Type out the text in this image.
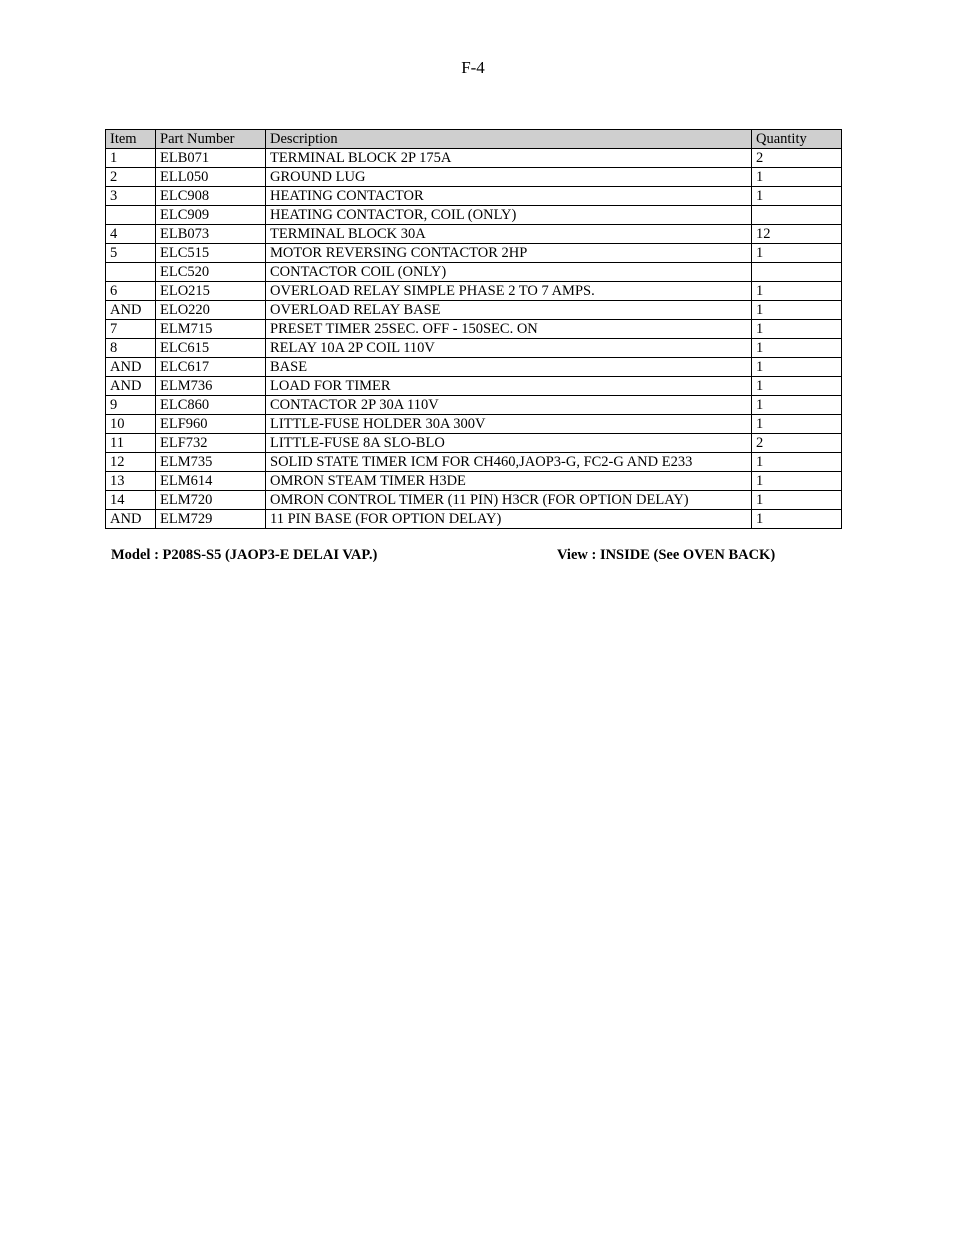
F-4
Item	Part Number	Description	Quantity
1	ELB071	TERMINAL BLOCK 2P 175A	2
2	ELL050	GROUND LUG	1
3	ELC908	HEATING CONTACTOR	1
	ELC909	HEATING CONTACTOR, COIL (ONLY)	
4	ELB073	TERMINAL BLOCK 30A	12
5	ELC515	MOTOR REVERSING CONTACTOR 2HP	1
	ELC520	CONTACTOR COIL (ONLY)	
6	ELO215	OVERLOAD RELAY SIMPLE PHASE 2 TO 7 AMPS.	1
AND	ELO220	OVERLOAD RELAY BASE	1
7	ELM715	PRESET TIMER 25SEC. OFF - 150SEC. ON	1
8	ELC615	RELAY 10A 2P COIL 110V	1
AND	ELC617	BASE	1
AND	ELM736	LOAD FOR TIMER	1
9	ELC860	CONTACTOR 2P 30A 110V	1
10	ELF960	LITTLE-FUSE HOLDER 30A 300V	1
11	ELF732	LITTLE-FUSE 8A SLO-BLO	2
12	ELM735	SOLID STATE TIMER ICM FOR CH460,JAOP3-G, FC2-G AND E233	1
13	ELM614	OMRON STEAM TIMER H3DE	1
14	ELM720	OMRON CONTROL TIMER (11 PIN) H3CR (FOR OPTION DELAY)	1
AND	ELM729	11 PIN BASE (FOR OPTION DELAY)	1
Model : P208S-S5 (JAOP3-E DELAI VAP.)	View : INSIDE (See OVEN BACK)
